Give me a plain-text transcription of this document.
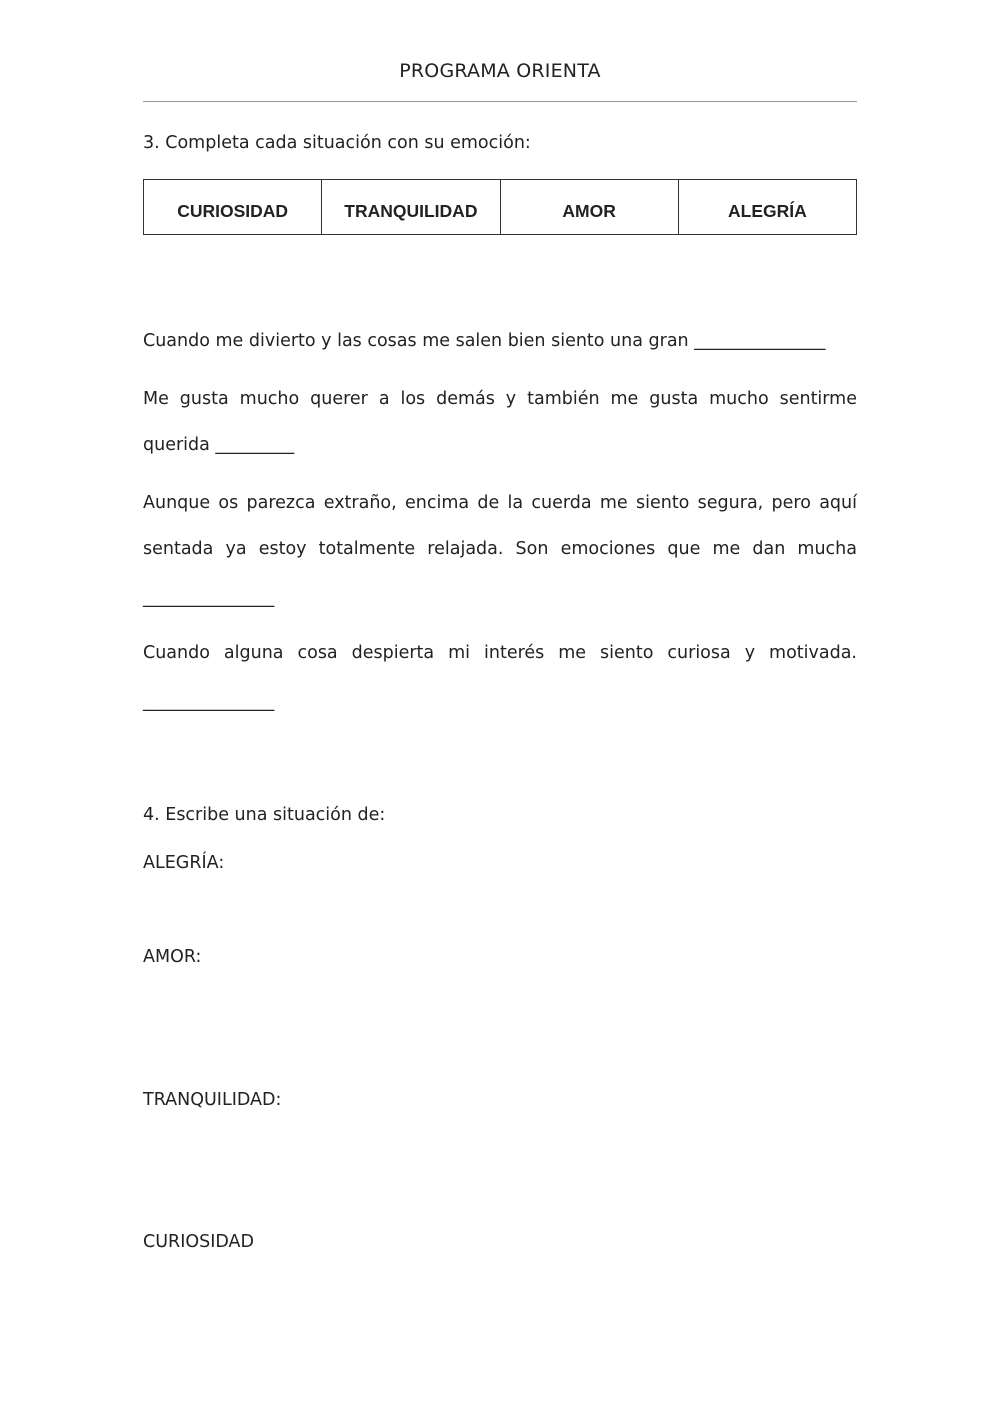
PROGRAMA ORIENTA
3. Completa cada situación con su emoción:
CURIOSIDAD	TRANQUILIDAD	AMOR	ALEGRÍA
Cuando me divierto y las cosas me salen bien siento una gran _______________
Me gusta mucho querer a los demás y también me gusta mucho sentirme
querida _________
Aunque os parezca extraño, encima de la cuerda me siento segura, pero aquí
sentada ya estoy totalmente relajada. Son emociones que me dan mucha
_______________
Cuando alguna cosa despierta mi interés me siento curiosa y motivada.
_______________
4. Escribe una situación de:
ALEGRÍA:
AMOR:
TRANQUILIDAD:
CURIOSIDAD
